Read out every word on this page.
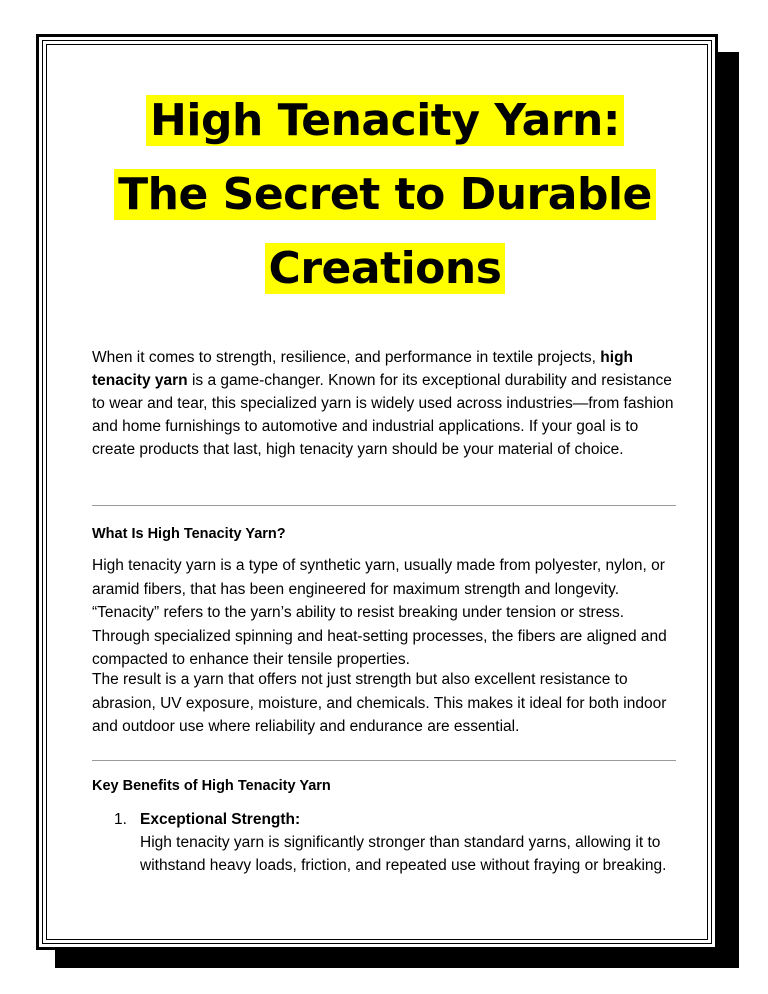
High Tenacity Yarn:
The Secret to Durable
Creations

When it comes to strength, resilience, and performance in textile projects, high tenacity yarn is a game-changer. Known for its exceptional durability and resistance to wear and tear, this specialized yarn is widely used across industries—from fashion and home furnishings to automotive and industrial applications. If your goal is to create products that last, high tenacity yarn should be your material of choice.

What Is High Tenacity Yarn?

High tenacity yarn is a type of synthetic yarn, usually made from polyester, nylon, or aramid fibers, that has been engineered for maximum strength and longevity. “Tenacity” refers to the yarn’s ability to resist breaking under tension or stress. Through specialized spinning and heat-setting processes, the fibers are aligned and compacted to enhance their tensile properties.

The result is a yarn that offers not just strength but also excellent resistance to abrasion, UV exposure, moisture, and chemicals. This makes it ideal for both indoor and outdoor use where reliability and endurance are essential.

Key Benefits of High Tenacity Yarn
1. Exceptional Strength:
High tenacity yarn is significantly stronger than standard yarns, allowing it to withstand heavy loads, friction, and repeated use without fraying or breaking.
